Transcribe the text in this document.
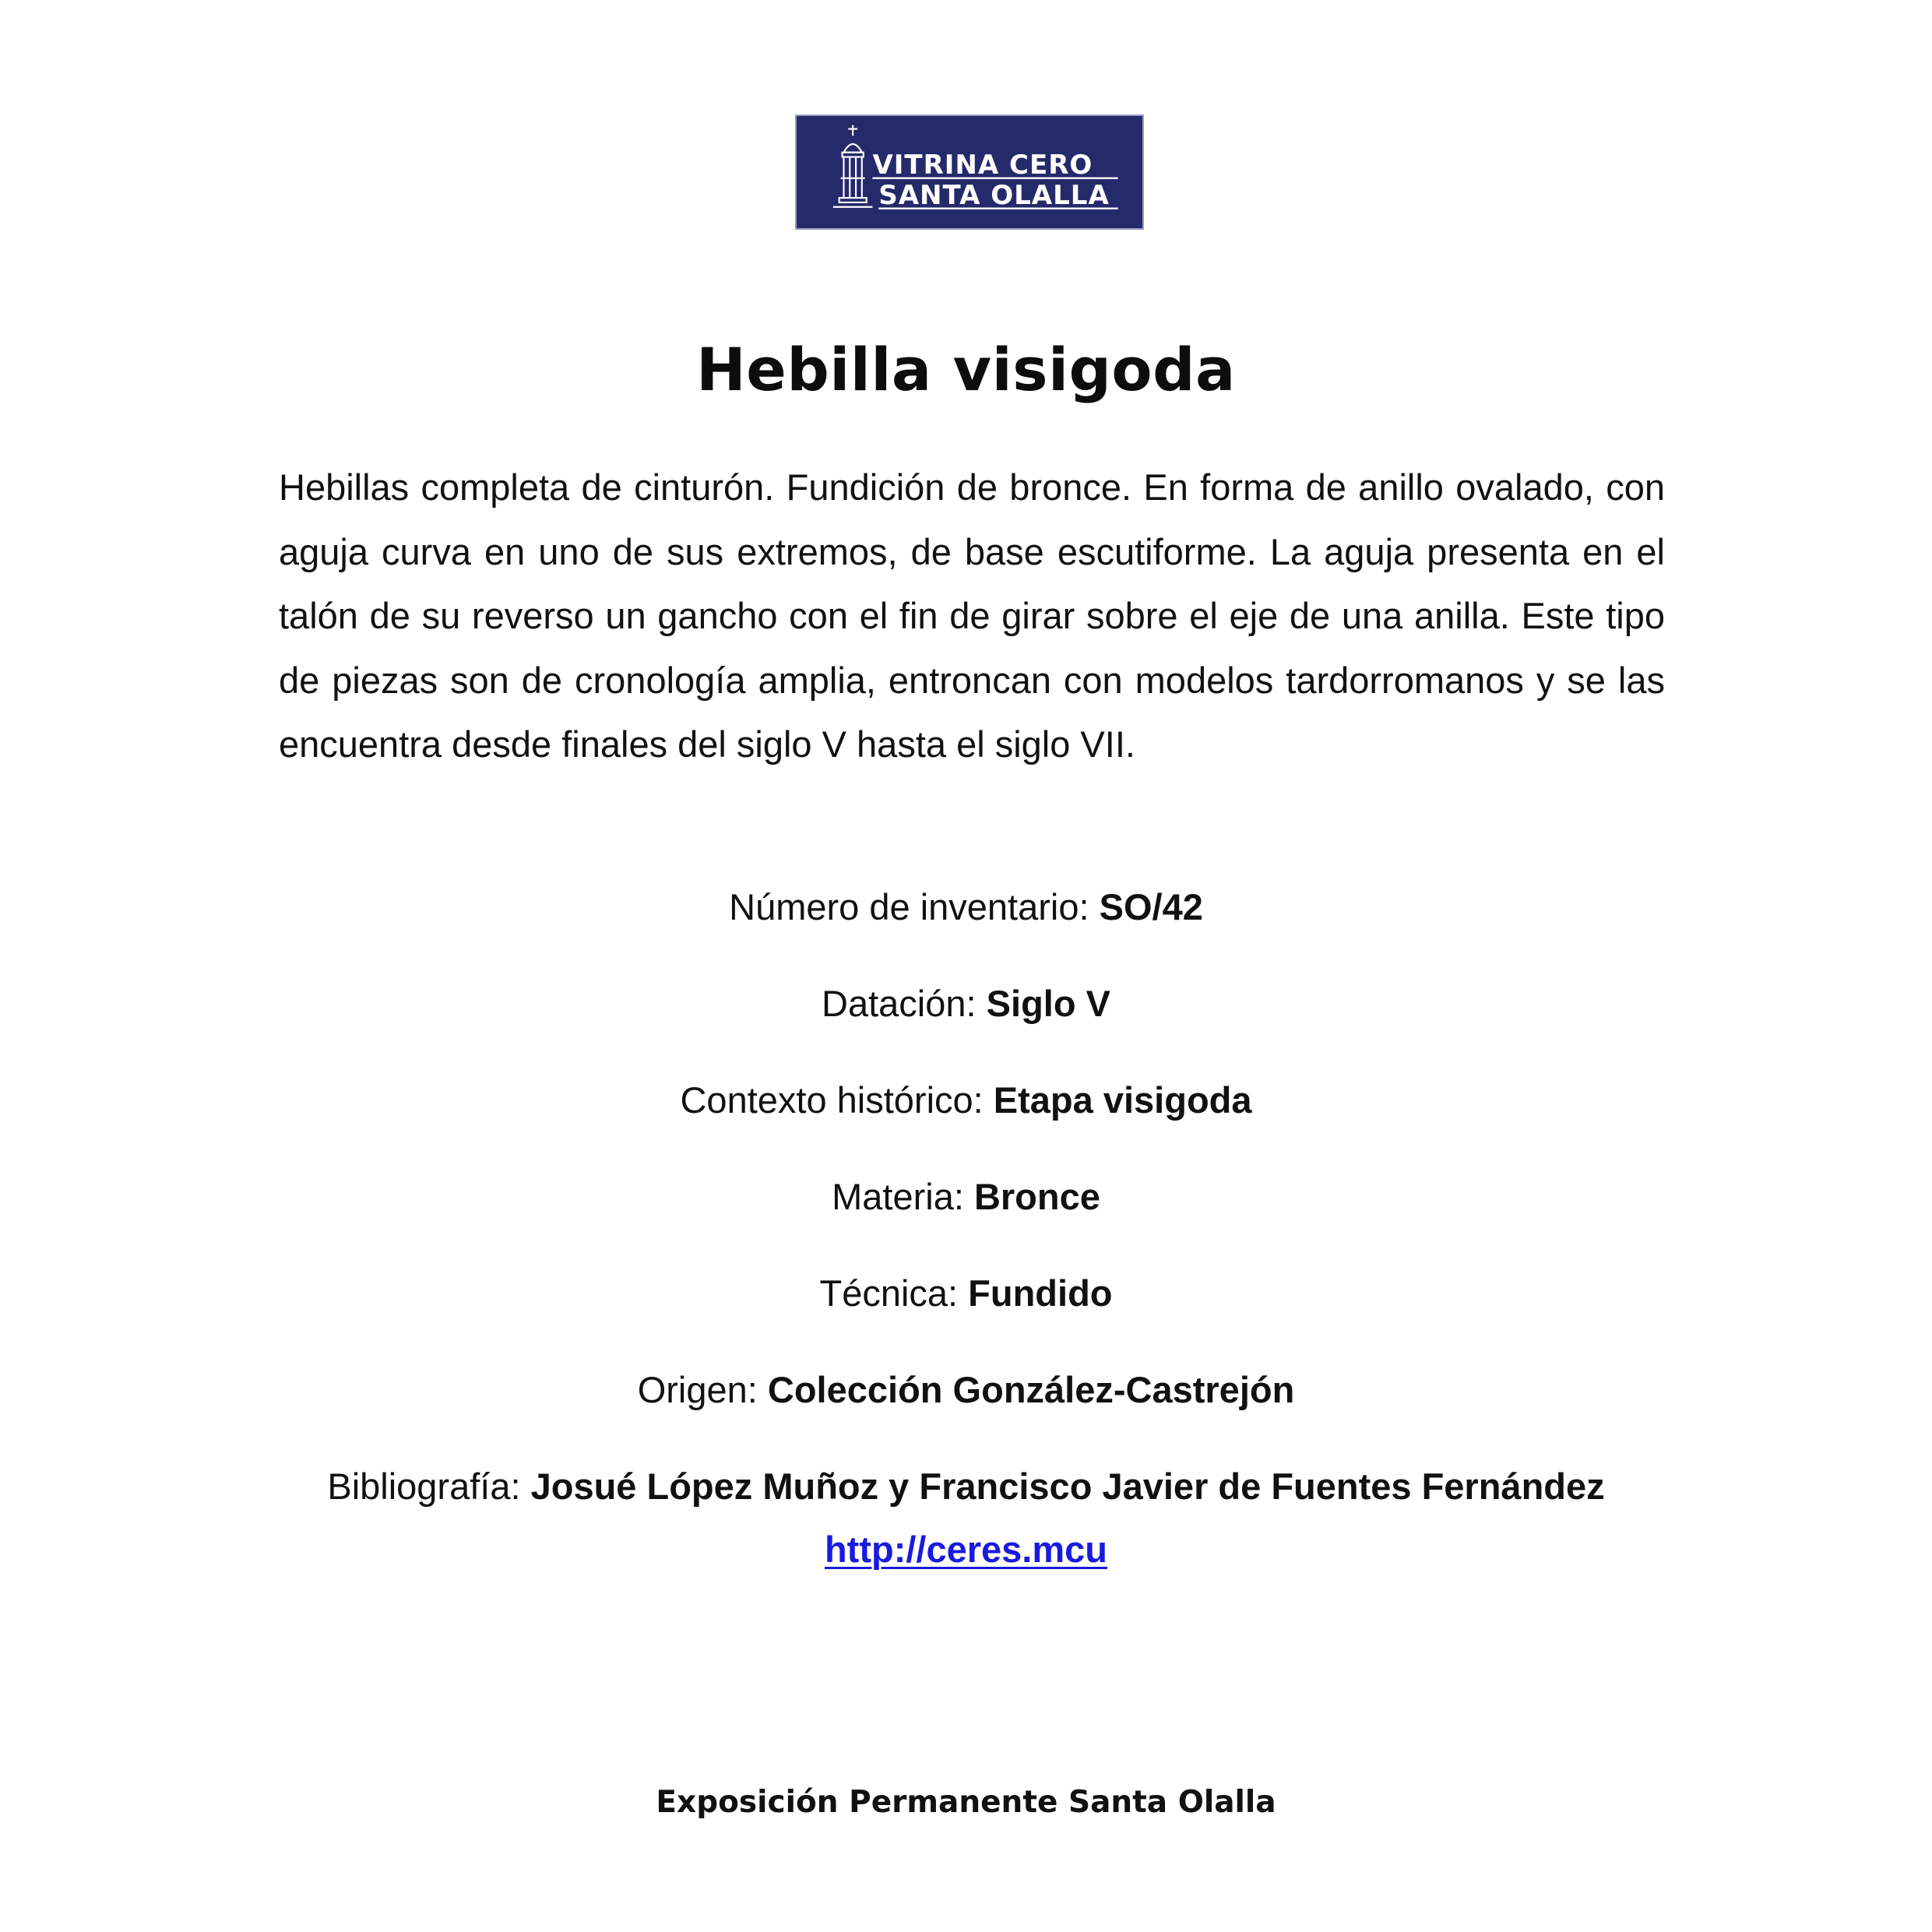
VITRINA CERO
SANTA OLALLA
Hebilla visigoda

Hebillas completa de cinturón. Fundición de bronce. En forma de anillo ovalado, con aguja curva en uno de sus extremos, de base escutiforme. La aguja presenta en el talón de su reverso un gancho con el fin de girar sobre el eje de una anilla. Este tipo de piezas son de cronología amplia, entroncan con modelos tardorromanos y se las encuentra desde finales del siglo V hasta el siglo VII.

Número de inventario: SO/42
Datación: Siglo V
Contexto histórico: Etapa visigoda
Materia: Bronce
Técnica: Fundido
Origen: Colección González-Castrejón
Bibliografía: Josué López Muñoz y Francisco Javier de Fuentes Fernández
http://ceres.mcu
Exposición Permanente Santa Olalla
